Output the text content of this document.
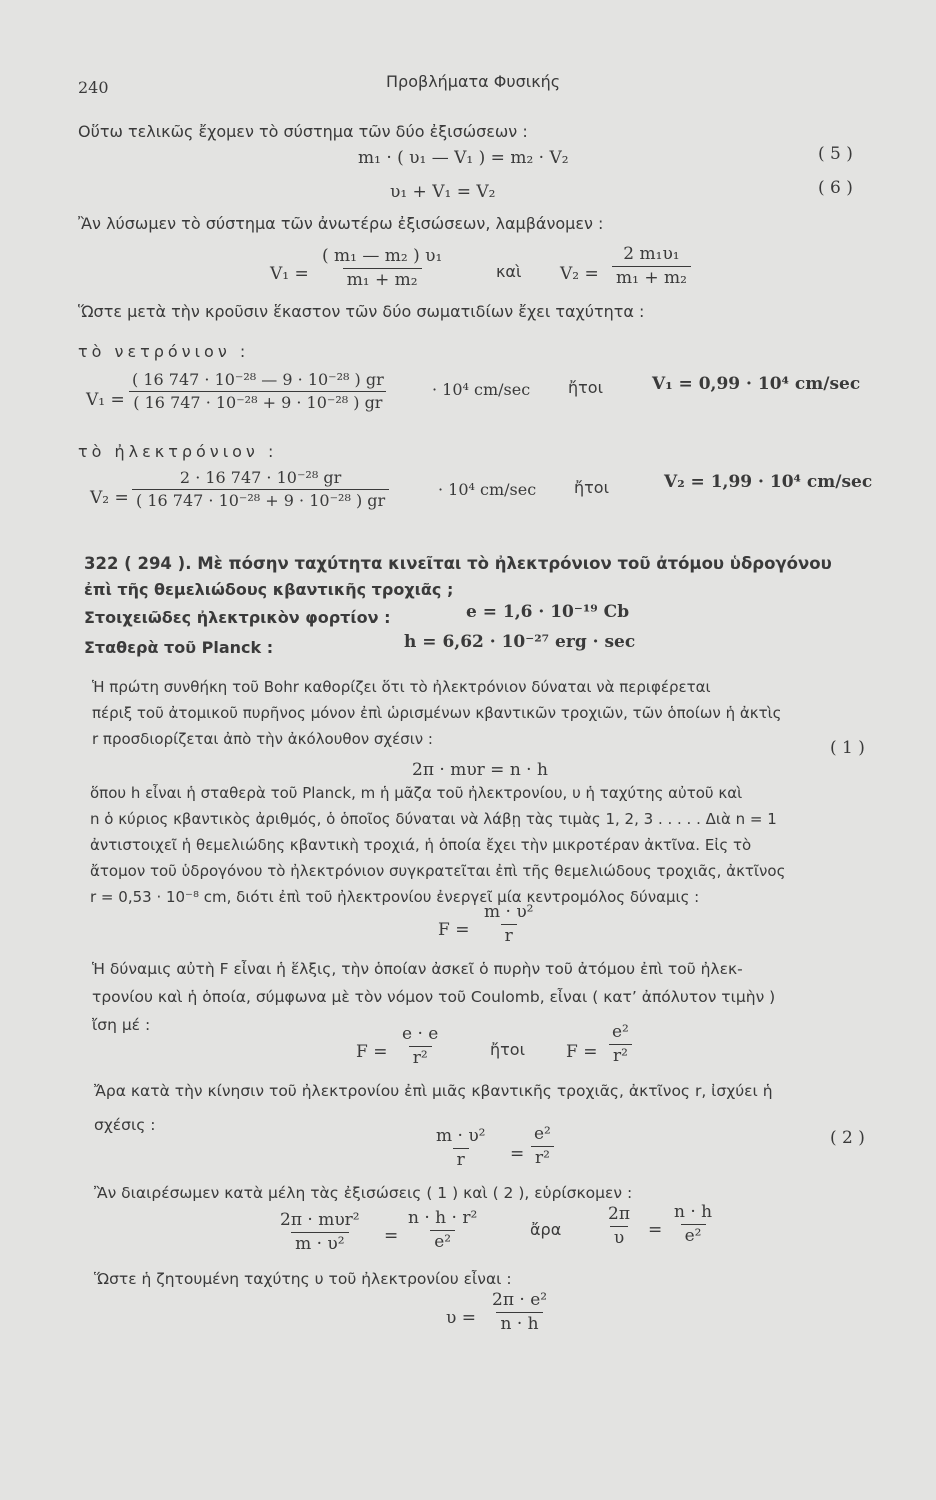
240	Προβλήματα Φυσικής
Οὕτω τελικῶς ἔχομεν τὸ σύστημα τῶν δύο ἐξισώσεων :
m₁ · ( υ₁ — V₁ ) = m₂ · V₂	( 5 )
υ₁ + V₁ = V₂	( 6 )
Ἂν λύσωμεν τὸ σύστημα τῶν ἀνωτέρω ἐξισώσεων, λαμβάνομεν :
$V_1 = \frac{\text{( m₁ — m₂ ) υ₁}}{\text{m₁ + m₂}}$	καὶ $V_2 = \frac{\text{2 m₁υ₁}}{\text{m₁ + m₂}}$
Ὥστε μετὰ τὴν κροῦσιν ἕκαστον τῶν δύο σωματιδίων ἔχει ταχύτητα :
τὸ νετρόνιον :
$V_1 = \frac{\text{( 16 747 · 10⁻²⁸ — 9 · 10⁻²⁸ ) gr}}{\text{( 16 747 · 10⁻²⁸ + 9 · 10⁻²⁸ ) gr}}$	· 10⁴ cm/sec ἤτοι	V₁ = 0,99 · 10⁴ cm/sec
τὸ ἠλεκτρόνιον :
$V_2 = \frac{\text{2 · 16 747 · 10⁻²⁸ gr}}{\text{( 16 747 · 10⁻²⁸ + 9 · 10⁻²⁸ ) gr}}$	· 10⁴ cm/sec ἤτοι	V₂ = 1,99 · 10⁴ cm/sec
322 ( 294 ). Μὲ πόσην ταχύτητα κινεῖται τὸ ἠλεκτρόνιον τοῦ ἀτόμου ὑδρογόνου
ἐπὶ τῆς θεμελιώδους κβαντικῆς τροχιᾶς ;
Στοιχειῶδες ἠλεκτρικὸν φορτίον :	e = 1,6 · 10⁻¹⁹ Cb
Σταθερὰ τοῦ Planck :	h = 6,62 · 10⁻²⁷ erg · sec
Ἡ πρώτη συνθήκη τοῦ Bohr καθορίζει ὅτι τὸ ἠλεκτρόνιον δύναται νὰ περιφέρεται
πέριξ τοῦ ἀτομικοῦ πυρῆνος μόνον ἐπὶ ὡρισμένων κβαντικῶν τροχιῶν, τῶν ὁποίων ἡ ἀκτὶς
r προσδιορίζεται ἀπὸ τὴν ἀκόλουθον σχέσιν :
2π · mυr = n · h
( 1 )
ὅπου h εἶναι ἡ σταθερὰ τοῦ Planck, m ἡ μᾶζα τοῦ ἠλεκτρονίου, υ ἡ ταχύτης αὐτοῦ καὶ
n ὁ κύριος κβαντικὸς ἀριθμός, ὁ ὁποῖος δύναται νὰ λάβῃ τὰς τιμὰς 1, 2, 3 . . . . . Διὰ n = 1
ἀντιστοιχεῖ ἡ θεμελιώδης κβαντικὴ τροχιά, ἡ ὁποία ἔχει τὴν μικροτέραν ἀκτῖνα. Εἰς τὸ
ἄτομον τοῦ ὑδρογόνου τὸ ἠλεκτρόνιον συγκρατεῖται ἐπὶ τῆς θεμελιώδους τροχιᾶς, ἀκτῖνος
r = 0,53 · 10⁻⁸ cm, διότι ἐπὶ τοῦ ἠλεκτρονίου ἐνεργεῖ μία κεντρομόλος δύναμις :
$F = \frac{\text{m · υ²}}{r}$
Ἡ δύναμις αὐτὴ F εἶναι ἡ ἕλξις, τὴν ὁποίαν ἀσκεῖ ὁ πυρὴν τοῦ ἀτόμου ἐπὶ τοῦ ἠλεκ-
τρονίου καὶ ἡ ὁποία, σύμφωνα μὲ τὸν νόμον τοῦ Coulomb, εἶναι ( κατ’ ἀπόλυτον τιμὴν )
ἴση μέ :
$F = \frac{e \cdot e}{\text{r²}}$	ἤτοι $F = \frac{\text{e²}}{\text{r²}}$
Ἄρα κατὰ τὴν κίνησιν τοῦ ἠλεκτρονίου ἐπὶ μιᾶς κβαντικῆς τροχιᾶς, ἀκτῖνος r, ἰσχύει ἡ
σχέσις :
$\frac{\text{m · υ²}}{r} = \frac{\text{e²}}{\text{r²}}$	( 2 )
Ἂν διαιρέσωμεν κατὰ μέλη τὰς ἐξισώσεις ( 1 ) καὶ ( 2 ), εὑρίσκομεν :
2π · mυr²
$m \cdot \upsilon^2 = \frac{\text{n · h · r²}}{\text{e²}}$	ἄρα	$\frac{2\pi}{\upsilon} = \frac{n \cdot h}{\text{e²}}$
Ὥστε ἡ ζητουμένη ταχύτης υ τοῦ ἠλεκτρονίου εἶναι :
$\upsilon = \frac{\text{2π · e²}}{n \cdot h}$
